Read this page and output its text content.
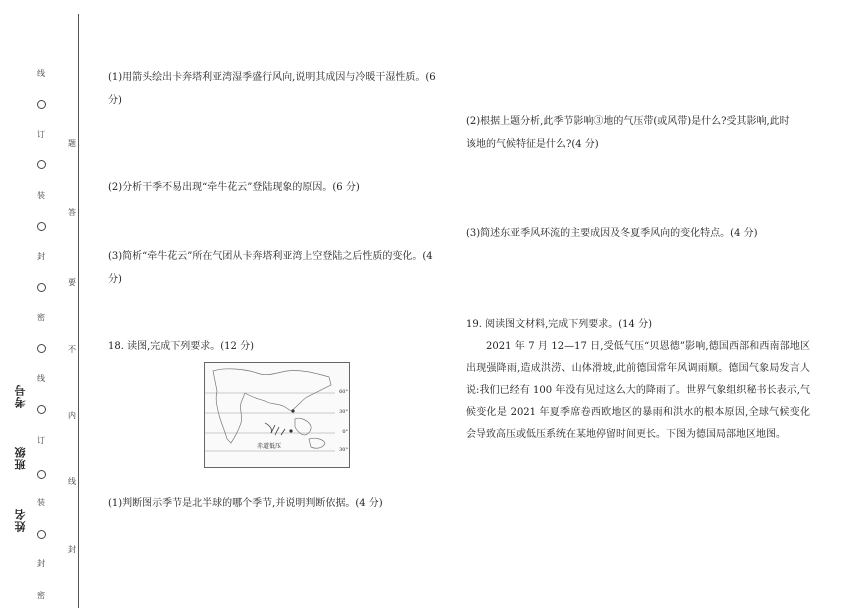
线
订
装
封
密
线
订
装
封
密
题
答
要
不
内
线
封
考号
班级
姓名
(1)用箭头绘出卡奔塔利亚湾湿季盛行风向,说明其成因与冷暖干湿性质。(6
分)
(2)分析干季不易出现“牵牛花云”登陆现象的原因。(6 分)
(3)简析“牵牛花云”所在气团从卡奔塔利亚湾上空登陆之后性质的变化。(4
分)
18. 读图,完成下列要求。(12 分)
60°
30°
0°
30°
赤道低压
(1)判断图示季节是北半球的哪个季节,并说明判断依据。(4 分)
(2)根据上题分析,此季节影响③地的气压带(或风带)是什么?受其影响,此时
该地的气候特征是什么?(4 分)
(3)简述东亚季风环流的主要成因及冬夏季风向的变化特点。(4 分)
19. 阅读图文材料,完成下列要求。(14 分)
2021 年 7 月 12—17 日,受低气压“贝恩德”影响,德国西部和西南部地区出现强降雨,造成洪涝、山体滑坡,此前德国常年风调雨顺。德国气象局发言人说:我们已经有 100 年没有见过这么大的降雨了。世界气象组织秘书长表示,气候变化是 2021 年夏季席卷西欧地区的暴雨和洪水的根本原因,全球气候变化会导致高压或低压系统在某地停留时间更长。下图为德国局部地区地图。
